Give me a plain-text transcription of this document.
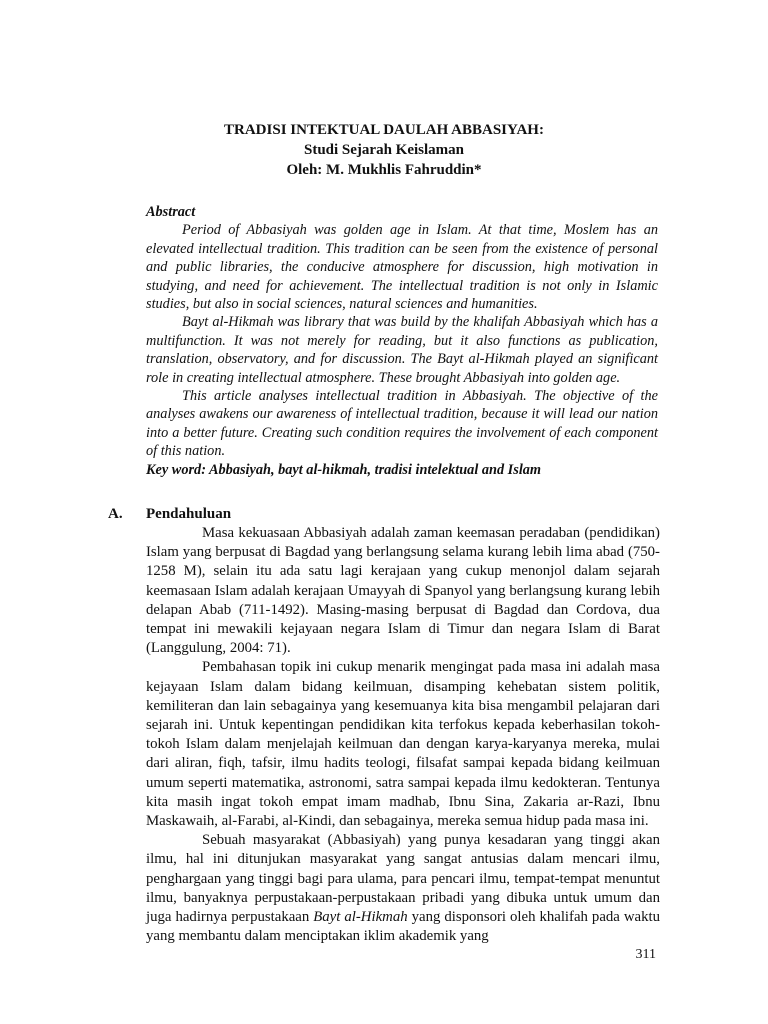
TRADISI INTEKTUAL DAULAH ABBASIYAH:
Studi Sejarah Keislaman
Oleh: M. Mukhlis Fahruddin*

Abstract

Period of Abbasiyah was golden age in Islam. At that time, Moslem has an elevated intellectual tradition. This tradition can be seen from the existence of personal and public libraries, the conducive atmosphere for discussion, high motivation in studying, and need for achievement. The intellectual tradition is not only in Islamic studies, but also in social sciences, natural sciences and humanities.

Bayt al-Hikmah was library that was build by the khalifah Abbasiyah which has a multifunction. It was not merely for reading, but it also functions as publication, translation, observatory, and for discussion. The Bayt al-Hikmah played an significant role in creating intellectual atmosphere. These brought Abbasiyah into golden age.

This article analyses intellectual tradition in Abbasiyah. The objective of the analyses awakens our awareness of intellectual tradition, because it will lead our nation into a better future. Creating such condition requires the involvement of each component of this nation.

Key word: Abbasiyah, bayt al-hikmah, tradisi intelektual and Islam

A.	Pendahuluan

Masa kekuasaan Abbasiyah adalah zaman keemasan peradaban (pendidikan) Islam yang berpusat di Bagdad yang berlangsung selama kurang lebih lima abad (750-1258 M), selain itu ada satu lagi kerajaan yang cukup menonjol dalam sejarah keemasaan Islam adalah kerajaan Umayyah di Spanyol yang berlangsung kurang lebih delapan Abab (711-1492). Masing-masing berpusat di Bagdad dan Cordova, dua tempat ini mewakili kejayaan negara Islam di Timur dan negara Islam di Barat (Langgulung, 2004: 71).

Pembahasan topik ini cukup menarik mengingat pada masa ini adalah masa kejayaan Islam dalam bidang keilmuan, disamping kehebatan sistem politik, kemiliteran dan lain sebagainya yang kesemuanya kita bisa mengambil pelajaran dari sejarah ini. Untuk kepentingan pendidikan kita terfokus kepada keberhasilan tokoh-tokoh Islam dalam menjelajah keilmuan dan dengan karya-karyanya mereka, mulai dari aliran, fiqh, tafsir, ilmu hadits teologi, filsafat sampai kepada bidang keilmuan umum seperti matematika, astronomi, satra sampai kepada ilmu kedokteran. Tentunya kita masih ingat tokoh empat imam madhab, Ibnu Sina, Zakaria ar-Razi, Ibnu Maskawaih, al-Farabi, al-Kindi, dan sebagainya, mereka semua hidup pada masa ini.

Sebuah masyarakat (Abbasiyah) yang punya kesadaran yang tinggi akan ilmu, hal ini ditunjukan masyarakat yang sangat antusias dalam mencari ilmu, penghargaan yang tinggi bagi para ulama, para pencari ilmu, tempat-tempat menuntut ilmu, banyaknya perpustakaan-perpustakaan pribadi yang dibuka untuk umum dan juga hadirnya perpustakaan Bayt al-Hikmah yang disponsori oleh khalifah pada waktu yang membantu dalam menciptakan iklim akademik yang

311
